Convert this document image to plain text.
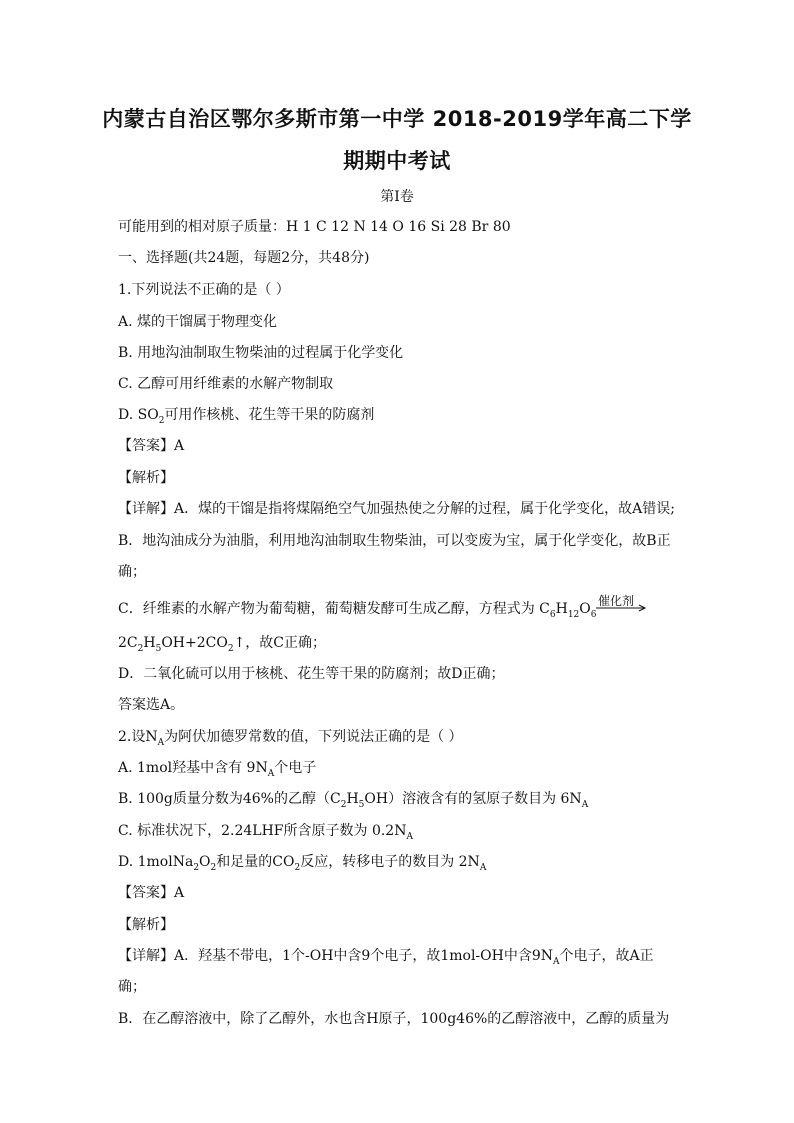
内蒙古自治区鄂尔多斯市第一中学 2018-2019学年高二下学
期期中考试
第Ⅰ卷
可能用到的相对原子质量：H 1 C 12 N 14 O 16 Si 28 Br 80
一、选择题(共24题，每题2分，共48分)
1.下列说法不正确的是（ ）
A. 煤的干馏属于物理变化
B. 用地沟油制取生物柴油的过程属于化学变化
C. 乙醇可用纤维素的水解产物制取
D. $SO_2$可用作核桃、花生等干果的防腐剂
【答案】A
【解析】
【详解】A．煤的干馏是指将煤隔绝空气加强热使之分解的过程，属于化学变化，故A错误;
B．地沟油成分为油脂，利用地沟油制取生物柴油，可以变废为宝，属于化学变化，故B正
确；
C．纤维素的水解产物为葡萄糖，葡萄糖发酵可生成乙醇，方程式为 $C_6H_{12}O_6$
催化剂
$2C_2H_5OH+2CO_2↑$，故C正确；
D．二氧化硫可以用于核桃、花生等干果的防腐剂；故D正确；
答案选A。
2.设$N_A$为阿伏加德罗常数的值，下列说法正确的是（ ）
A. 1mol羟基中含有 $9N_A$个电子
B. 100g质量分数为46%的乙醇$(C_2H_5OH)$溶液含有的氢原子数目为 $6N_A$
C. 标准状况下，2.24LHF所含原子数为 $0.2N_A$
D. $1molNa_2O_2$和足量的$CO_2$反应，转移电子的数目为 $2N_A$
【答案】A
【解析】
【详解】A．羟基不带电，1个-OH中含9个电子，故1mol-OH中含$9N_A$个电子，故A正
确；
B．在乙醇溶液中，除了乙醇外，水也含H原子，100g46%的乙醇溶液中，乙醇的质量为
